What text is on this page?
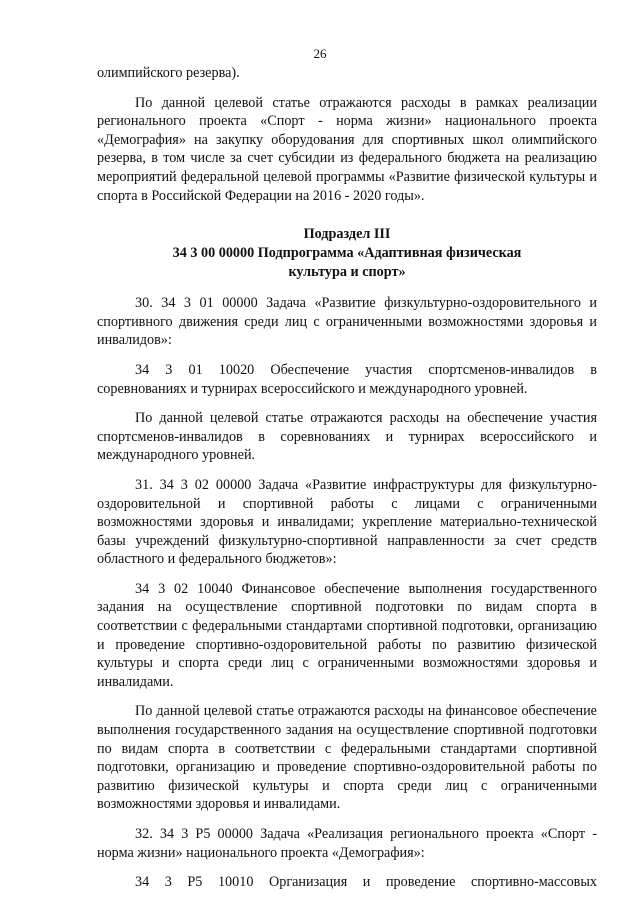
26

олимпийского резерва).

По данной целевой статье отражаются расходы в рамках реализации регионального проекта «Спорт - норма жизни» национального проекта «Демография» на закупку оборудования для спортивных школ олимпийского резерва, в том числе за счет субсидии из федерального бюджета на реализацию мероприятий федеральной целевой программы «Развитие физической культуры и спорта в Российской Федерации на 2016 - 2020 годы».

Подраздел III
34 3 00 00000 Подпрограмма «Адаптивная физическая
культура и спорт»

30. 34 3 01 00000 Задача «Развитие физкультурно-оздоровительного и спортивного движения среди лиц с ограниченными возможностями здоровья и инвалидов»:

34 3 01 10020 Обеспечение участия спортсменов-инвалидов в соревнованиях и турнирах всероссийского и международного уровней.

По данной целевой статье отражаются расходы на обеспечение участия спортсменов-инвалидов в соревнованиях и турнирах всероссийского и международного уровней.

31. 34 3 02 00000 Задача «Развитие инфраструктуры для физкультурно-оздоровительной и спортивной работы с лицами с ограниченными возможностями здоровья и инвалидами; укрепление материально-технической базы учреждений физкультурно-спортивной направленности за счет средств областного и федерального бюджетов»:

34 3 02 10040 Финансовое обеспечение выполнения государственного задания на осуществление спортивной подготовки по видам спорта в соответствии с федеральными стандартами спортивной подготовки, организацию и проведение спортивно-оздоровительной работы по развитию физической культуры и спорта среди лиц с ограниченными возможностями здоровья и инвалидами.

По данной целевой статье отражаются расходы на финансовое обеспечение выполнения государственного задания на осуществление спортивной подготовки по видам спорта в соответствии с федеральными стандартами спортивной подготовки, организацию и проведение спортивно-оздоровительной работы по развитию физической культуры и спорта среди лиц с ограниченными возможностями здоровья и инвалидами.

32. 34 3 P5 00000 Задача «Реализация регионального проекта «Спорт - норма жизни» национального проекта «Демография»:

34 3 P5 10010 Организация и проведение спортивно-массовых
